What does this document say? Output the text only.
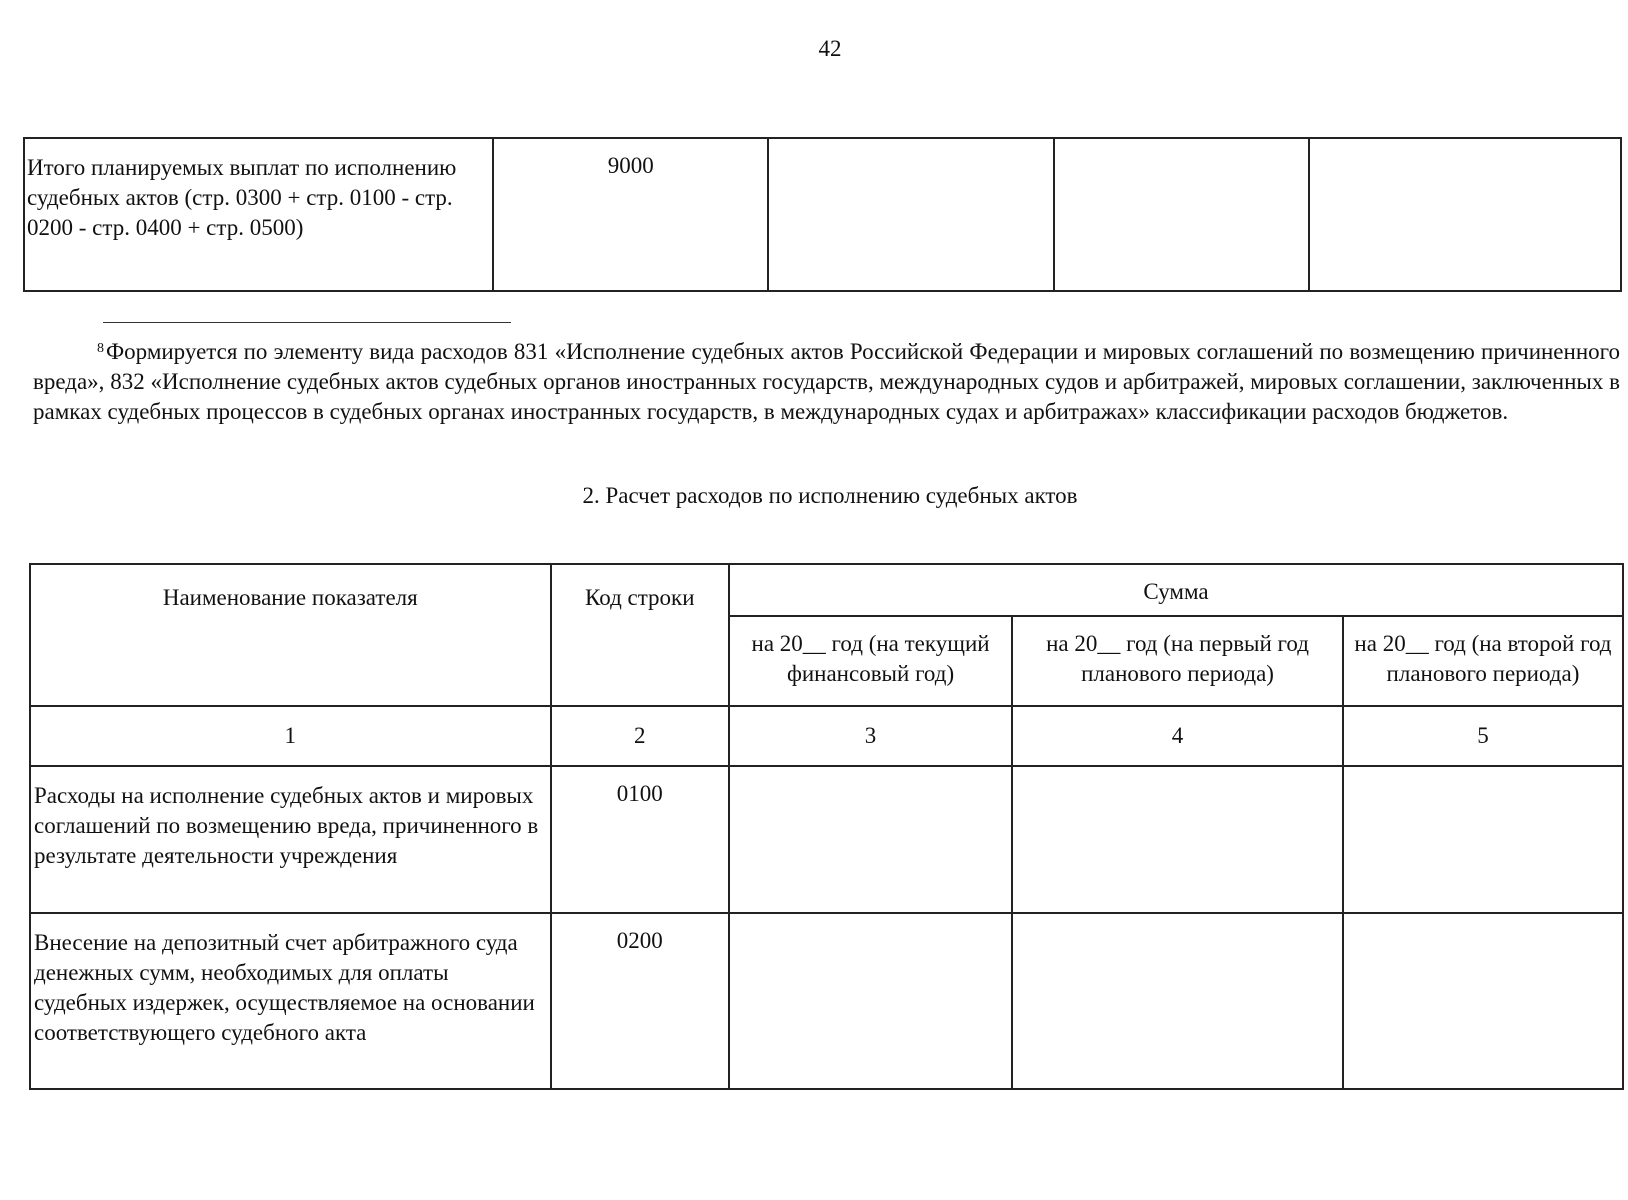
42
Итого планируемых выплат по исполнению судебных актов (стр. 0300 + стр. 0100 - стр. 0200 - стр. 0400 + стр. 0500)	9000			

$^8$Формируется по элементу вида расходов 831 «Исполнение судебных актов Российской Федерации и мировых соглашений по возмещению причиненного вреда», 832 «Исполнение судебных актов судебных органов иностранных государств, международных судов и арбитражей, мировых соглашении, заключенных в рамках судебных процессов в судебных органах иностранных государств, в международных судах и арбитражах» классификации расходов бюджетов.

2. Расчет расходов по исполнению судебных актов
Наименование показателя	Код строки	Сумма		
		на 20__ год (на текущий финансовый год)	на 20__ год (на первый год планового периода)	на 20__ год (на второй год планового периода)
1	2	3	4	5
Расходы на исполнение судебных актов и мировых соглашений по возмещению вреда, причиненного в результате деятельности учреждения	0100			
Внесение на депозитный счет арбитражного суда денежных сумм, необходимых для оплаты судебных издержек, осуществляемое на основании соответствующего судебного акта	0200			
